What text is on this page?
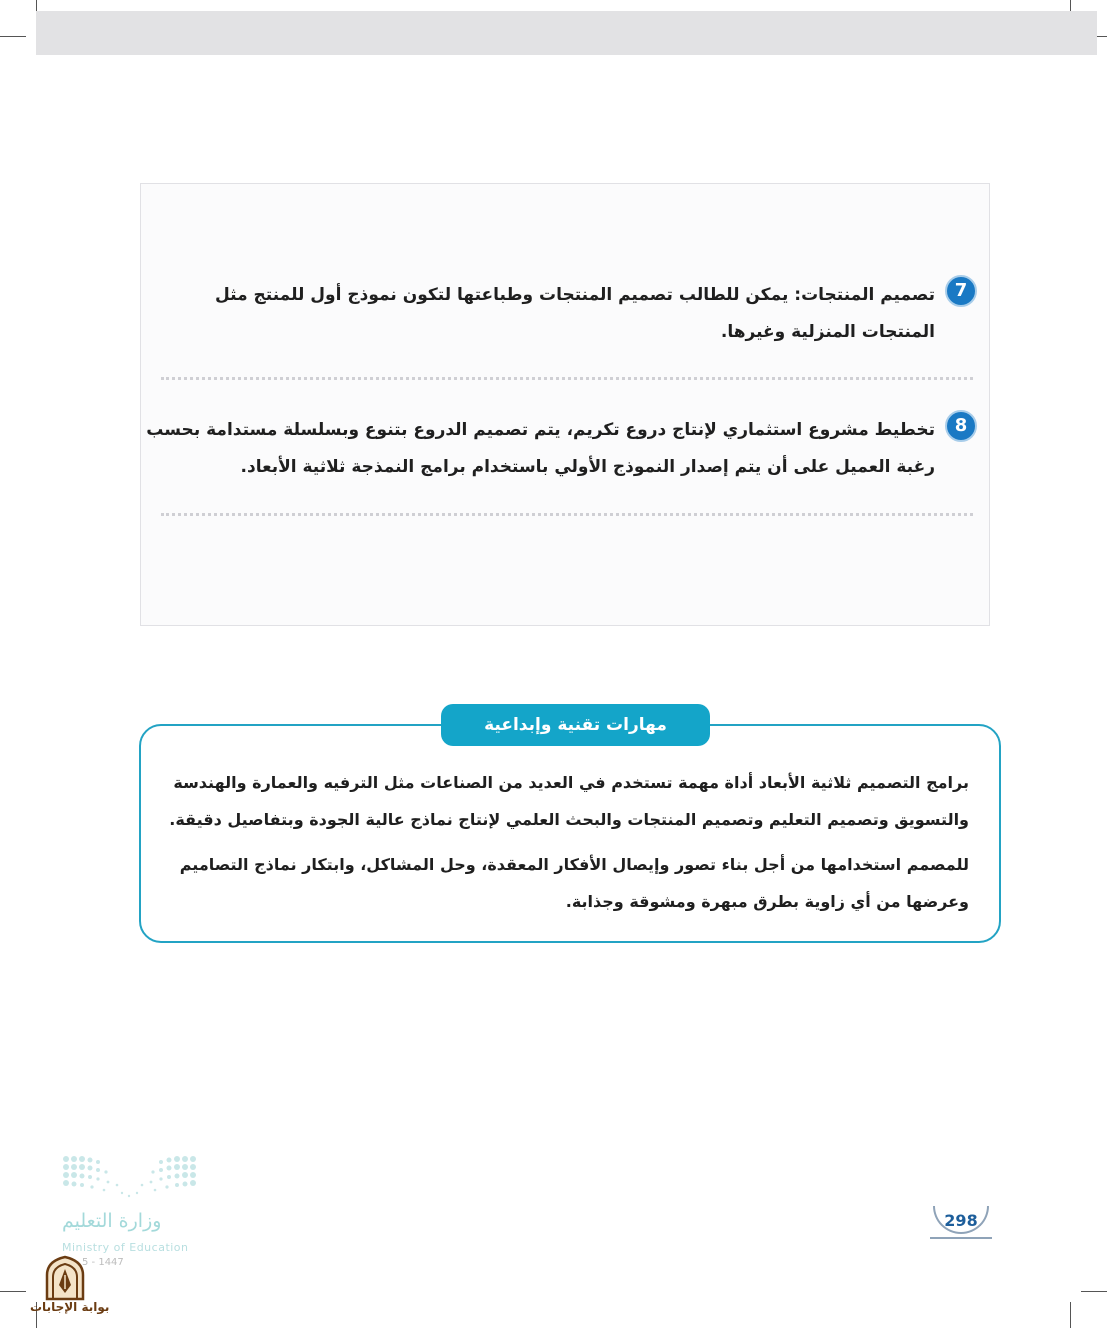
7
تصميم المنتجات: يمكن للطالب تصميم المنتجات وطباعتها لتكون نموذج أول للمنتج مثل المنتجات المنزلية وغيرها.
8
تخطيط مشروع استثماري لإنتاج دروع تكريم، يتم تصميم الدروع بتنوع وبسلسلة مستدامة بحسب رغبة العميل على أن يتم إصدار النموذج الأولي باستخدام برامج النمذجة ثلاثية الأبعاد.
مهارات تقنية وإبداعية
برامج التصميم ثلاثية الأبعاد أداة مهمة تستخدم في العديد من الصناعات مثل الترفيه والعمارة والهندسة والتسويق وتصميم التعليم وتصميم المنتجات والبحث العلمي لإنتاج نماذج عالية الجودة وبتفاصيل دقيقة.
للمصمم استخدامها من أجل بناء تصور وإيصال الأفكار المعقدة، وحل المشاكل، وابتكار نماذج التصاميم وعرضها من أي زاوية بطرق مبهرة ومشوقة وجذابة.
298
وزارة التعليم
Ministry of Education
5 - 1447
بوابة الإجابات
